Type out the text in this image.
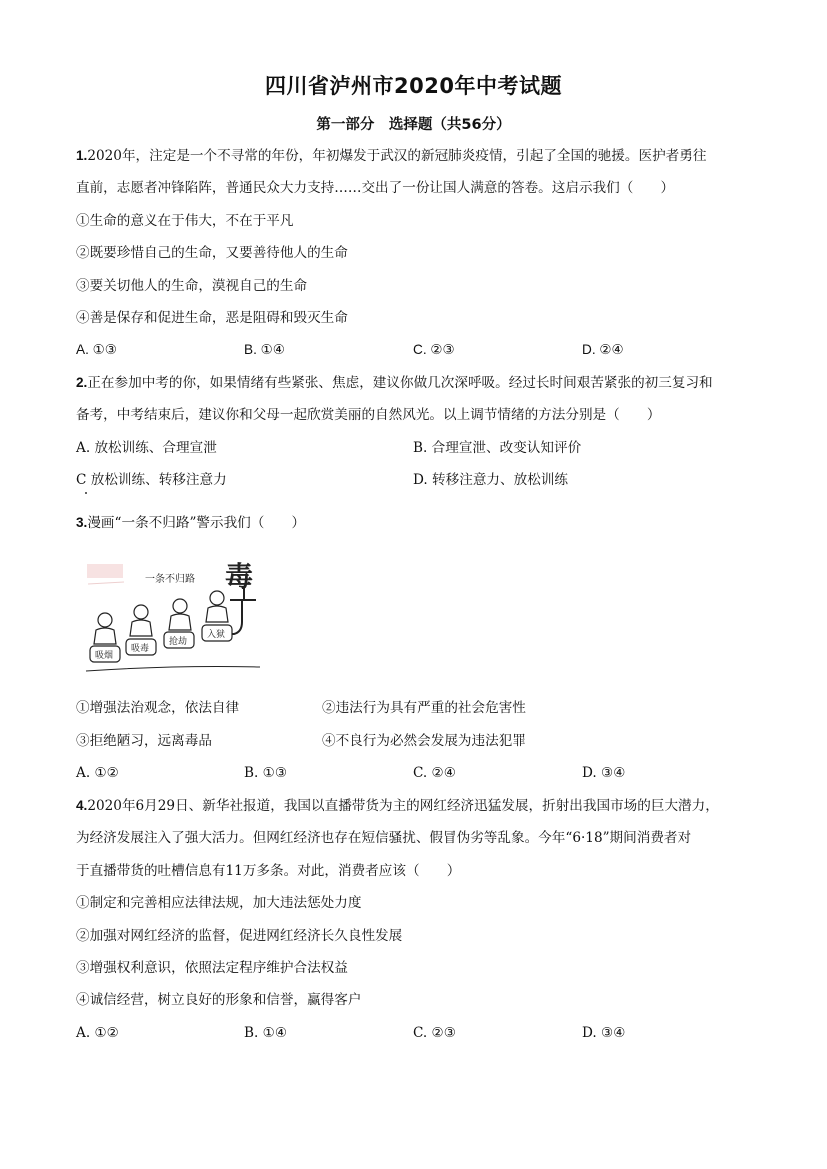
四川省泸州市2020年中考试题
第一部分　选择题（共56分）
1.2020年，注定是一个不寻常的年份，年初爆发于武汉的新冠肺炎疫情，引起了全国的驰援。医护者勇往
直前，志愿者冲锋陷阵，普通民众大力支持……交出了一份让国人满意的答卷。这启示我们（　　）
①生命的意义在于伟大，不在于平凡
②既要珍惜自己的生命，又要善待他人的生命
③要关切他人的生命，漠视自己的生命
④善是保存和促进生命，恶是阻碍和毁灭生命
A. ①③	B. ①④	C. ②③	D. ②④
2.正在参加中考的你，如果情绪有些紧张、焦虑，建议你做几次深呼吸。经过长时间艰苦紧张的初三复习和
备考，中考结束后，建议你和父母一起欣赏美丽的自然风光。以上调节情绪的方法分别是（　　）
A. 放松训练、合理宣泄	B. 合理宣泄、改变认知评价
C 放松训练、转移注意力	D. 转移注意力、放松训练
3.漫画“一条不归路”警示我们（　　）
一条不归路 毒
吸烟
吸毒
抢劫
入狱
①增强法治观念，依法自律	②违法行为具有严重的社会危害性
③拒绝陋习，远离毒品	④不良行为必然会发展为违法犯罪
A. ①②	B. ①③	C. ②④	D. ③④
4.2020年6月29日、新华社报道，我国以直播带货为主的网红经济迅猛发展，折射出我国市场的巨大潜力，
为经济发展注入了强大活力。但网红经济也存在短信骚扰、假冒伪劣等乱象。今年“6·18”期间消费者对
于直播带货的吐槽信息有11万多条。对此，消费者应该（　　）
①制定和完善相应法律法规，加大违法惩处力度
②加强对网红经济的监督，促进网红经济长久良性发展
③增强权利意识，依照法定程序维护合法权益
④诚信经营，树立良好的形象和信誉，赢得客户
A. ①②	B. ①④	C. ②③	D. ③④
